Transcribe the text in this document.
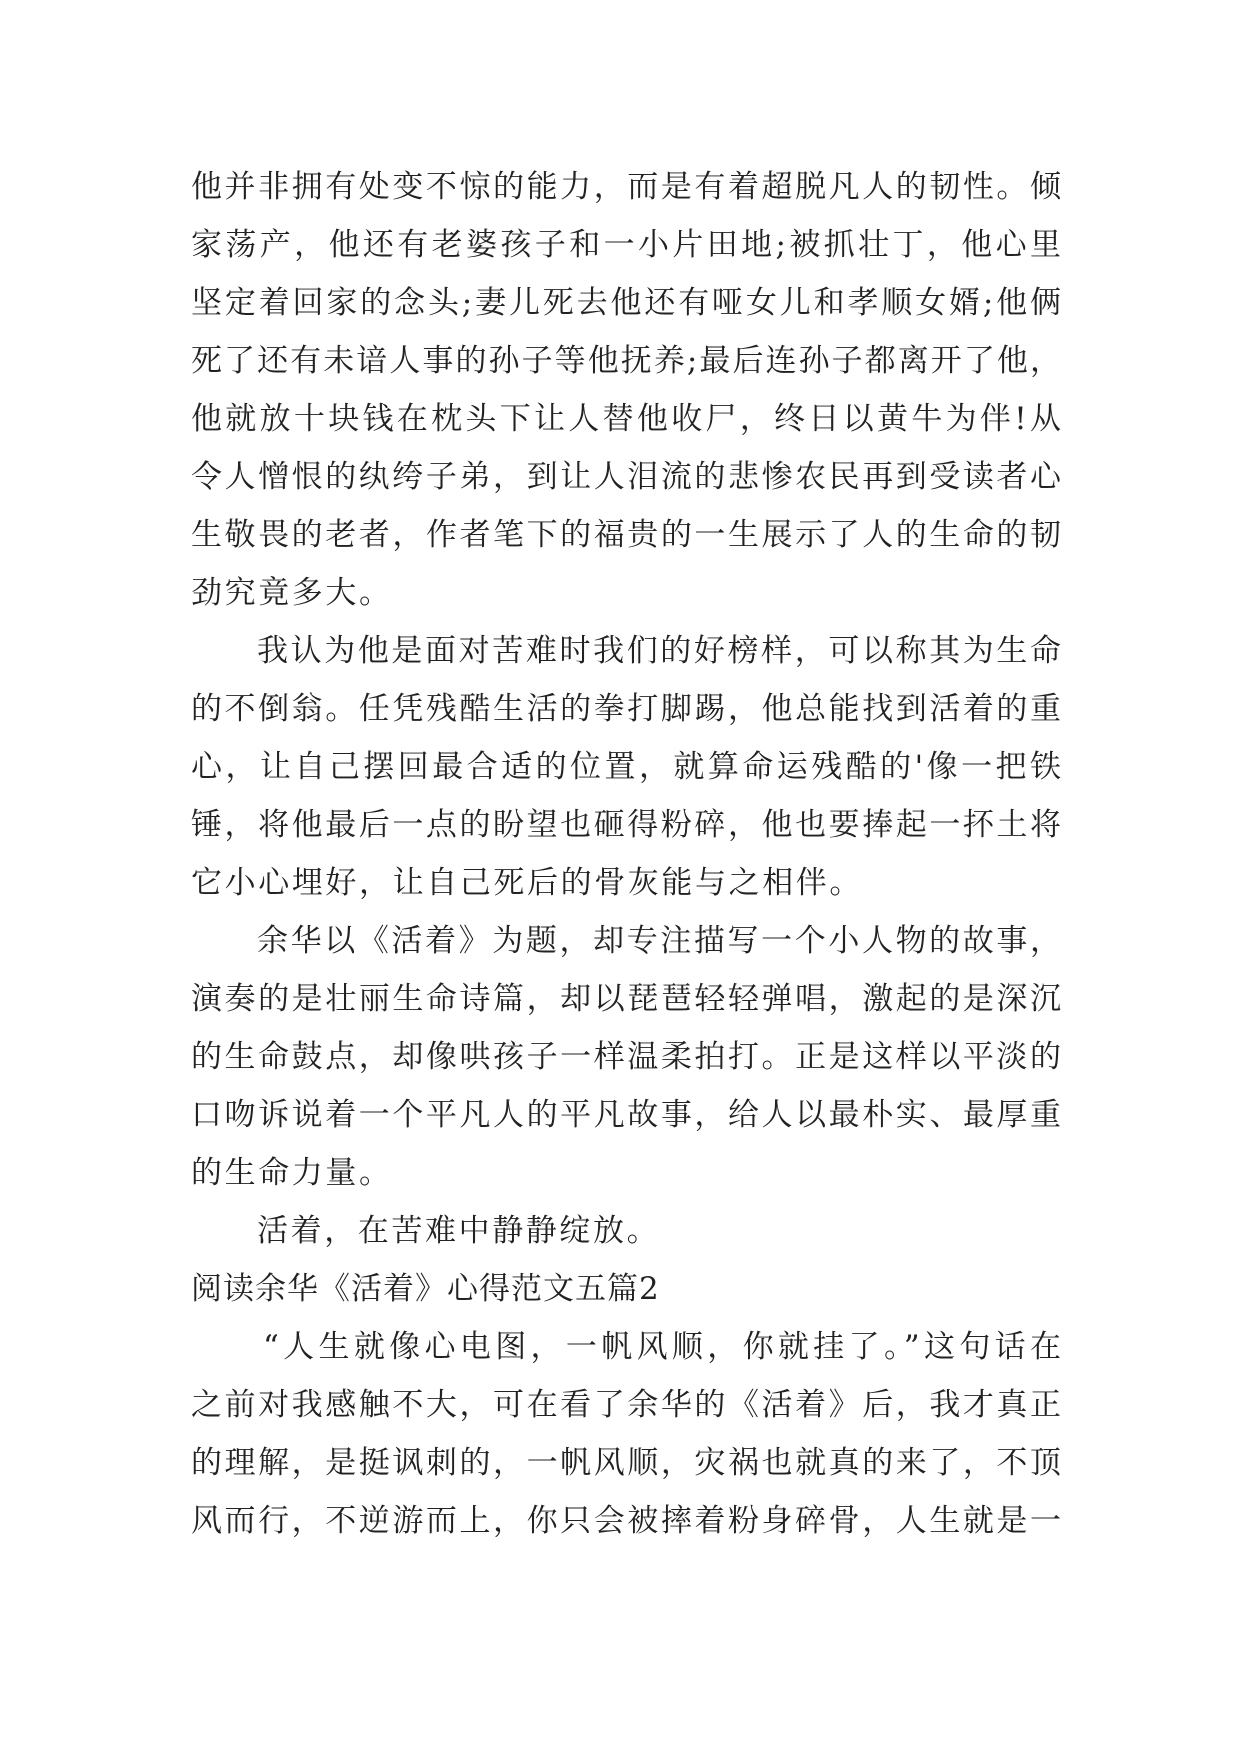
他并非拥有处变不惊的能力，而是有着超脱凡人的韧性。倾
家荡产，他还有老婆孩子和一小片田地;被抓壮丁，他心里
坚定着回家的念头;妻儿死去他还有哑女儿和孝顺女婿;他俩
死了还有未谙人事的孙子等他抚养;最后连孙子都离开了他，
他就放十块钱在枕头下让人替他收尸，终日以黄牛为伴!从
令人憎恨的纨绔子弟，到让人泪流的悲惨农民再到受读者心
生敬畏的老者，作者笔下的福贵的一生展示了人的生命的韧
劲究竟多大。
我认为他是面对苦难时我们的好榜样，可以称其为生命
的不倒翁。任凭残酷生活的拳打脚踢，他总能找到活着的重
心，让自己摆回最合适的位置，就算命运残酷的'像一把铁
锤，将他最后一点的盼望也砸得粉碎，他也要捧起一抔土将
它小心埋好，让自己死后的骨灰能与之相伴。
余华以《活着》为题，却专注描写一个小人物的故事，
演奏的是壮丽生命诗篇，却以琵琶轻轻弹唱，激起的是深沉
的生命鼓点，却像哄孩子一样温柔拍打。正是这样以平淡的
口吻诉说着一个平凡人的平凡故事，给人以最朴实、最厚重
的生命力量。
活着，在苦难中静静绽放。
阅读余华《活着》心得范文五篇2
“人生就像心电图，一帆风顺，你就挂了。”这句话在
之前对我感触不大，可在看了余华的《活着》后，我才真正
的理解，是挺讽刺的，一帆风顺，灾祸也就真的来了，不顶
风而行，不逆游而上，你只会被摔着粉身碎骨，人生就是一
